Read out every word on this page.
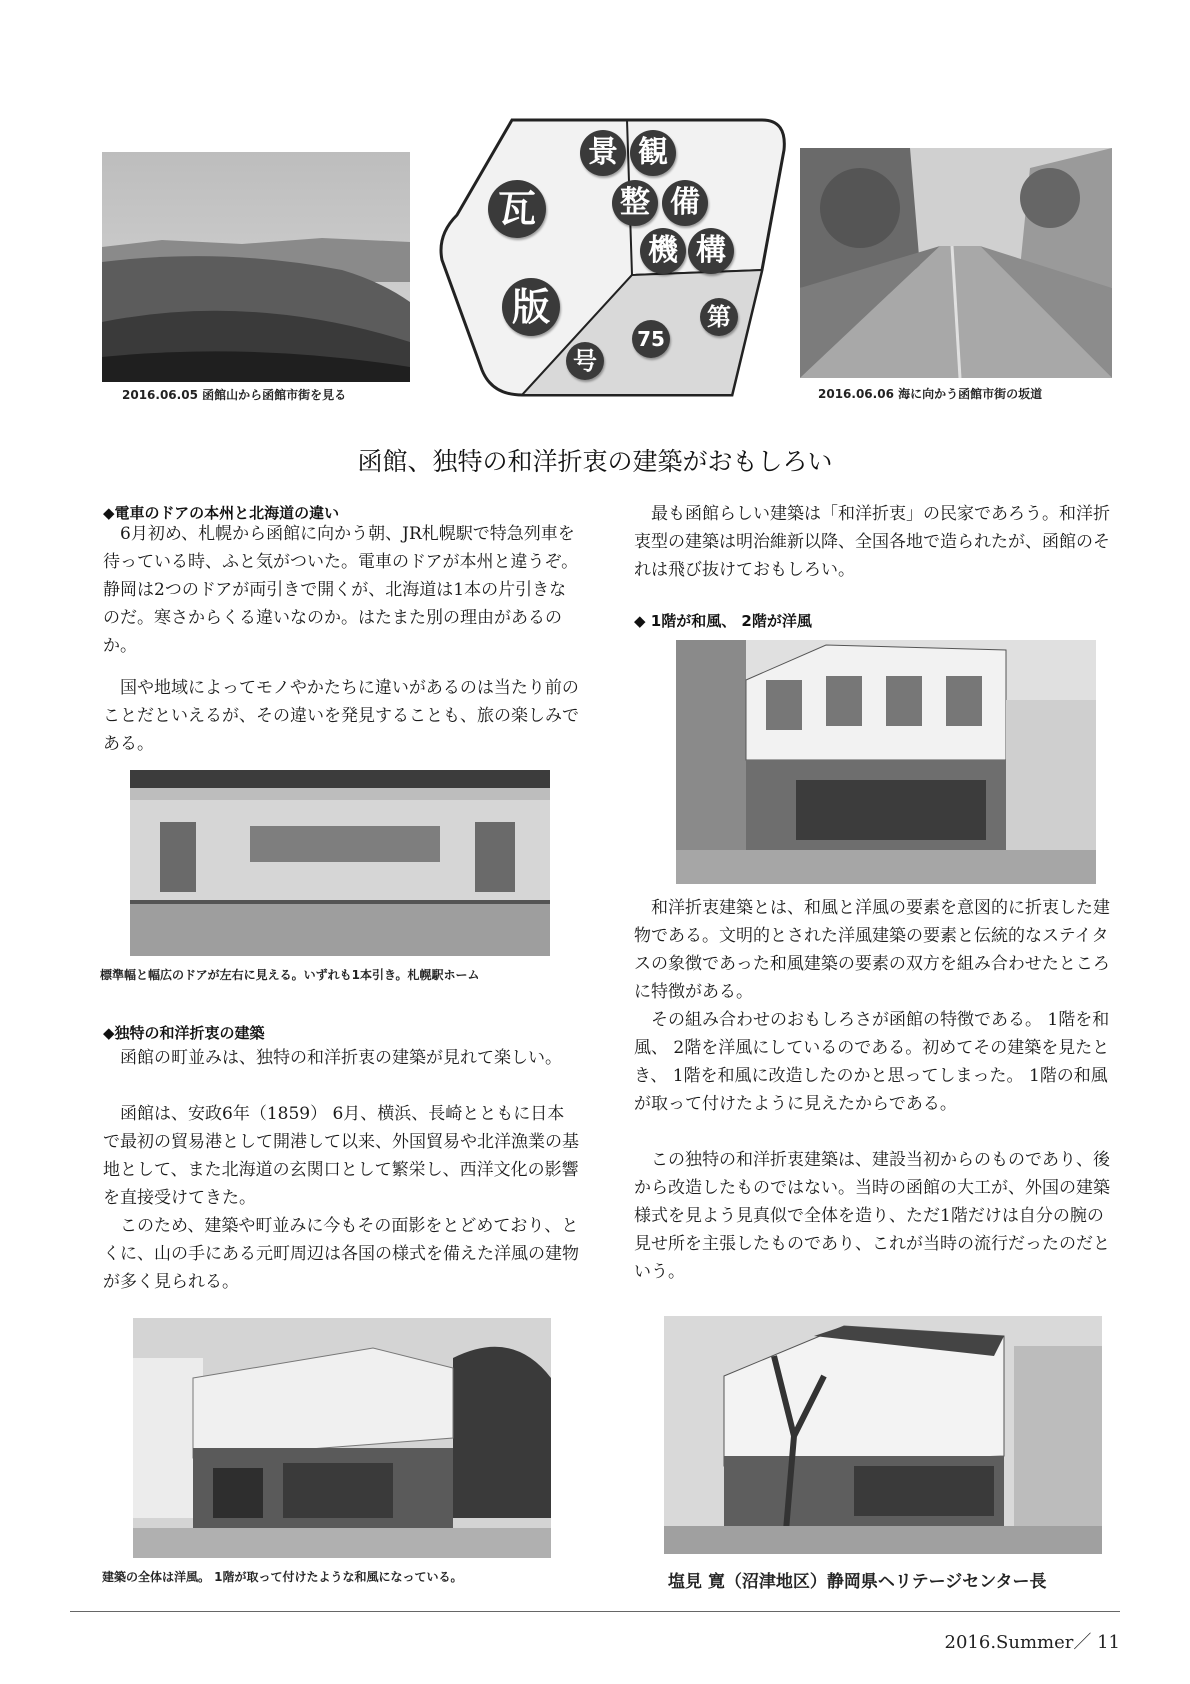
2016.06.05 函館山から函館市街を見る
景 観
整 備
機 構
瓦
版	第
75
号
2016.06.06 海に向かう函館市街の坂道
函館、独特の和洋折衷の建築がおもしろい
◆電車のドアの本州と北海道の違い

6月初め、札幌から函館に向かう朝、JR札幌駅で特急列車を待っている時、ふと気がついた。電車のドアが本州と違うぞ。静岡は2つのドアが両引きで開くが、北海道は1本の片引きなのだ。寒さからくる違いなのか。はたまた別の理由があるのか。

国や地域によってモノやかたちに違いがあるのは当たり前のことだといえるが、その違いを発見することも、旅の楽しみである。

標準幅と幅広のドアが左右に見える。いずれも1本引き。札幌駅ホーム
◆独特の和洋折衷の建築

函館の町並みは、独特の和洋折衷の建築が見れて楽しい。

函館は、安政6年（1859） 6月、横浜、長崎とともに日本で最初の貿易港として開港して以来、外国貿易や北洋漁業の基地として、また北海道の玄関口として繁栄し、西洋文化の影響を直接受けてきた。

このため、建築や町並みに今もその面影をとどめており、とくに、山の手にある元町周辺は各国の様式を備えた洋風の建物が多く見られる。

建築の全体は洋風。 1階が取って付けたような和風になっている。

最も函館らしい建築は「和洋折衷」の民家であろう。和洋折衷型の建築は明治維新以降、全国各地で造られたが、函館のそれは飛び抜けておもしろい。

◆ 1階が和風、 2階が洋風

和洋折衷建築とは、和風と洋風の要素を意図的に折衷した建物である。文明的とされた洋風建築の要素と伝統的なステイタスの象徴であった和風建築の要素の双方を組み合わせたところに特徴がある。

その組み合わせのおもしろさが函館の特徴である。 1階を和風、 2階を洋風にしているのである。初めてその建築を見たとき、 1階を和風に改造したのかと思ってしまった。 1階の和風が取って付けたように見えたからである。

この独特の和洋折衷建築は、建設当初からのものであり、後から改造したものではない。当時の函館の大工が、外国の建築様式を見よう見真似で全体を造り、ただ1階だけは自分の腕の見せ所を主張したものであり、これが当時の流行だったのだという。

塩見 寛（沼津地区）静岡県ヘリテージセンター長
2016.Summer／ 11
